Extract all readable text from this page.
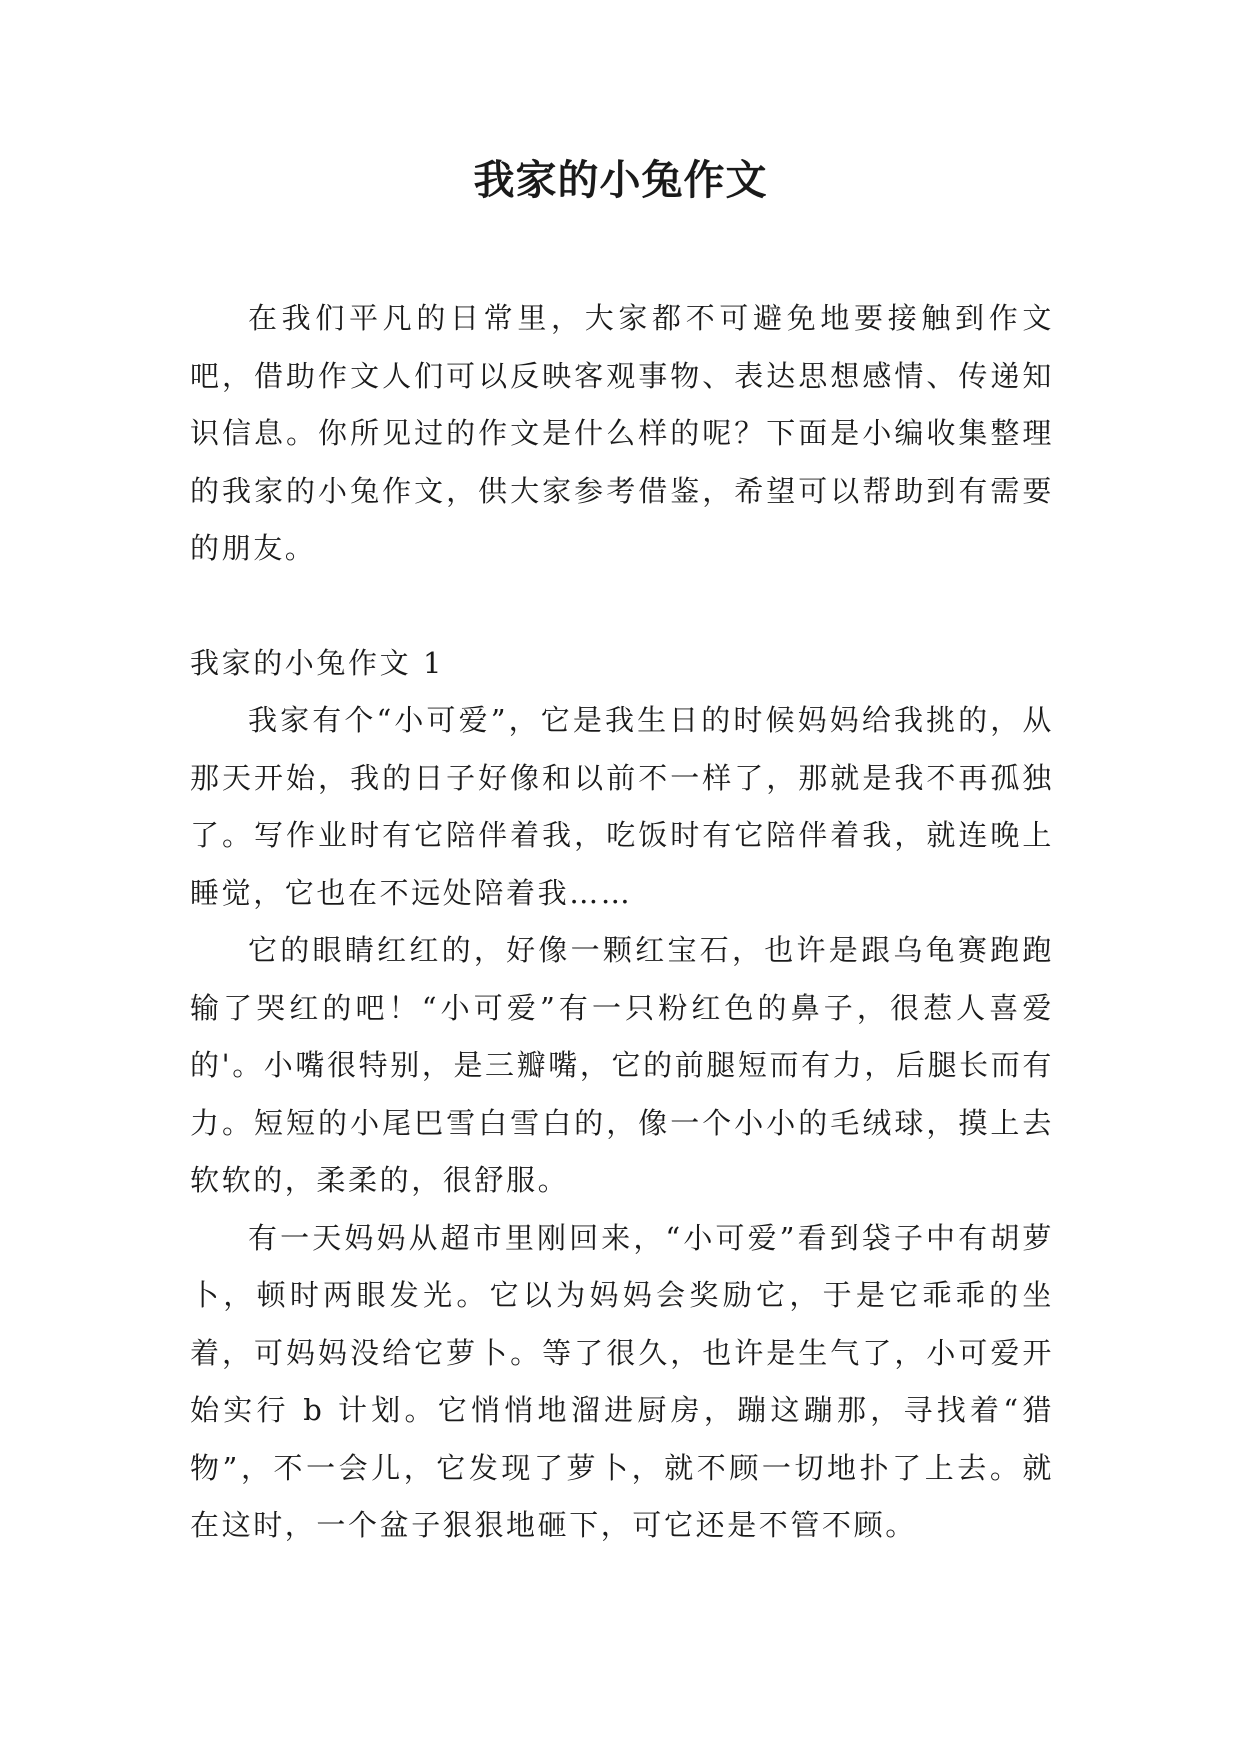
我家的小兔作文

在我们平凡的日常里，大家都不可避免地要接触到作文吧，借助作文人们可以反映客观事物、表达思想感情、传递知识信息。你所见过的作文是什么样的呢？下面是小编收集整理的我家的小兔作文，供大家参考借鉴，希望可以帮助到有需要的朋友。

我家的小兔作文 1

我家有个“小可爱”，它是我生日的时候妈妈给我挑的，从那天开始，我的日子好像和以前不一样了，那就是我不再孤独了。写作业时有它陪伴着我，吃饭时有它陪伴着我，就连晚上睡觉，它也在不远处陪着我……

它的眼睛红红的，好像一颗红宝石，也许是跟乌龟赛跑跑输了哭红的吧！“小可爱”有一只粉红色的鼻子，很惹人喜爱的'。小嘴很特别，是三瓣嘴，它的前腿短而有力，后腿长而有力。短短的小尾巴雪白雪白的，像一个小小的毛绒球，摸上去软软的，柔柔的，很舒服。

有一天妈妈从超市里刚回来，“小可爱”看到袋子中有胡萝卜，顿时两眼发光。它以为妈妈会奖励它，于是它乖乖的坐着，可妈妈没给它萝卜。等了很久，也许是生气了，小可爱开始实行 b 计划。它悄悄地溜进厨房，蹦这蹦那，寻找着“猎物”，不一会儿，它发现了萝卜，就不顾一切地扑了上去。就在这时，一个盆子狠狠地砸下，可它还是不管不顾。
